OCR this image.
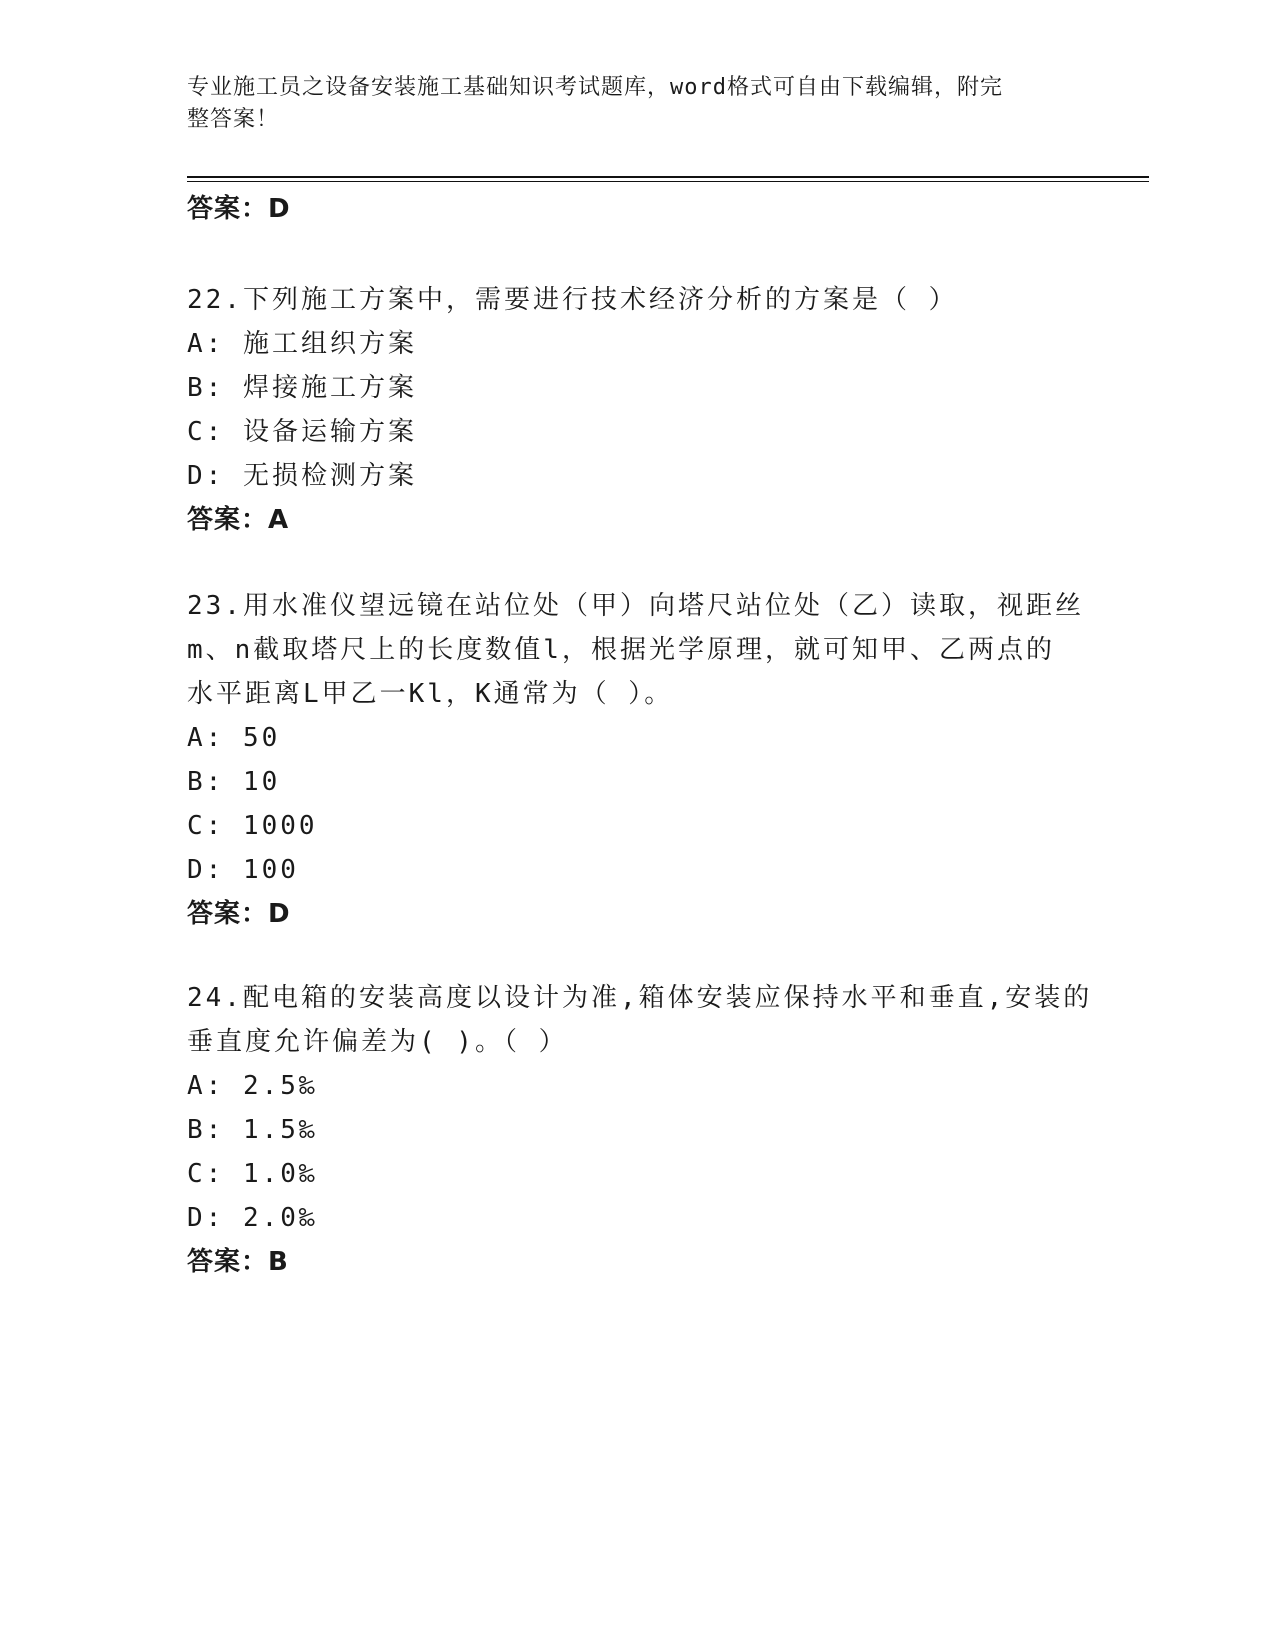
专业施工员之设备安装施工基础知识考试题库，word格式可自由下载编辑，附完
整答案！
答案：D
22.下列施工方案中，需要进行技术经济分析的方案是（ ）
A: 施工组织方案
B: 焊接施工方案
C: 设备运输方案
D: 无损检测方案
答案：A
23.用水准仪望远镜在站位处（甲）向塔尺站位处（乙）读取，视距丝
m、n截取塔尺上的长度数值l，根据光学原理，就可知甲、乙两点的
水平距离L甲乙一Kl，K通常为（ ）。
A: 50
B: 10
C: 1000
D: 100
答案：D
24.配电箱的安装高度以设计为准,箱体安装应保持水平和垂直,安装的
垂直度允许偏差为( )。（ ）
A: 2.5‰
B: 1.5‰
C: 1.0‰
D: 2.0‰
答案：B
